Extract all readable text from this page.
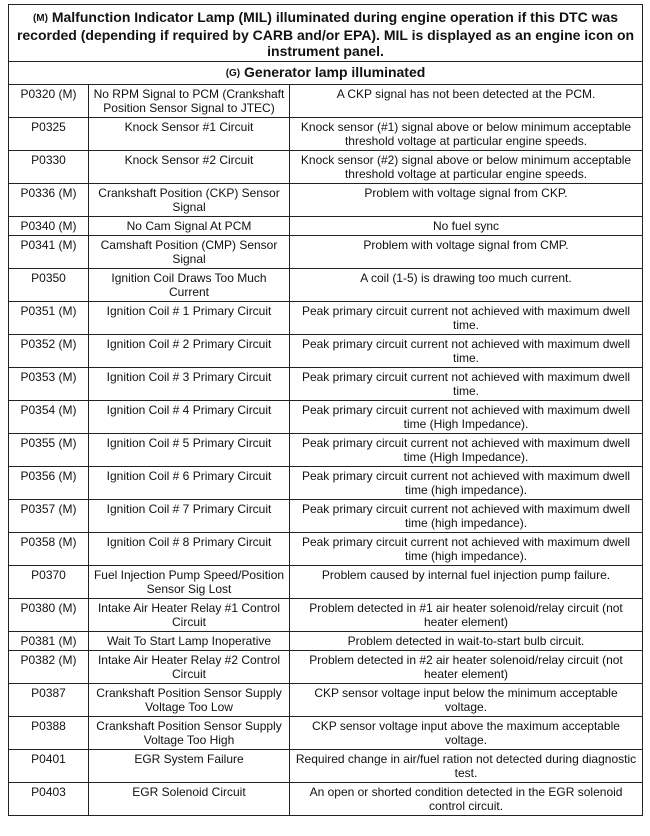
(M) Malfunction Indicator Lamp (MIL) illuminated during engine operation if this DTC was recorded (depending if required by CARB and/or EPA). MIL is displayed as an engine icon on instrument panel.		
(G) Generator lamp illuminated		
P0320 (M)	No RPM Signal to PCM (Crankshaft Position Sensor Signal to JTEC)	A CKP signal has not been detected at the PCM.
P0325	Knock Sensor #1 Circuit	Knock sensor (#1) signal above or below minimum acceptable threshold voltage at particular engine speeds.
P0330	Knock Sensor #2 Circuit	Knock sensor (#2) signal above or below minimum acceptable threshold voltage at particular engine speeds.
P0336 (M)	Crankshaft Position (CKP) Sensor Signal	Problem with voltage signal from CKP.
P0340 (M)	No Cam Signal At PCM	No fuel sync
P0341 (M)	Camshaft Position (CMP) Sensor Signal	Problem with voltage signal from CMP.
P0350	Ignition Coil Draws Too Much Current	A coil (1-5) is drawing too much current.
P0351 (M)	Ignition Coil # 1 Primary Circuit	Peak primary circuit current not achieved with maximum dwell time.
P0352 (M)	Ignition Coil # 2 Primary Circuit	Peak primary circuit current not achieved with maximum dwell time.
P0353 (M)	Ignition Coil # 3 Primary Circuit	Peak primary circuit current not achieved with maximum dwell time.
P0354 (M)	Ignition Coil # 4 Primary Circuit	Peak primary circuit current not achieved with maximum dwell time (High Impedance).
P0355 (M)	Ignition Coil # 5 Primary Circuit	Peak primary circuit current not achieved with maximum dwell time (High Impedance).
P0356 (M)	Ignition Coil # 6 Primary Circuit	Peak primary circuit current not achieved with maximum dwell time (high impedance).
P0357 (M)	Ignition Coil # 7 Primary Circuit	Peak primary circuit current not achieved with maximum dwell time (high impedance).
P0358 (M)	Ignition Coil # 8 Primary Circuit	Peak primary circuit current not achieved with maximum dwell time (high impedance).
P0370	Fuel Injection Pump Speed/Position Sensor Sig Lost	Problem caused by internal fuel injection pump failure.
P0380 (M)	Intake Air Heater Relay #1 Control Circuit	Problem detected in #1 air heater solenoid/relay circuit (not heater element)
P0381 (M)	Wait To Start Lamp Inoperative	Problem detected in wait-to-start bulb circuit.
P0382 (M)	Intake Air Heater Relay #2 Control Circuit	Problem detected in #2 air heater solenoid/relay circuit (not heater element)
P0387	Crankshaft Position Sensor Supply Voltage Too Low	CKP sensor voltage input below the minimum acceptable voltage.
P0388	Crankshaft Position Sensor Supply Voltage Too High	CKP sensor voltage input above the maximum acceptable voltage.
P0401	EGR System Failure	Required change in air/fuel ration not detected during diagnostic test.
P0403	EGR Solenoid Circuit	An open or shorted condition detected in the EGR solenoid control circuit.
